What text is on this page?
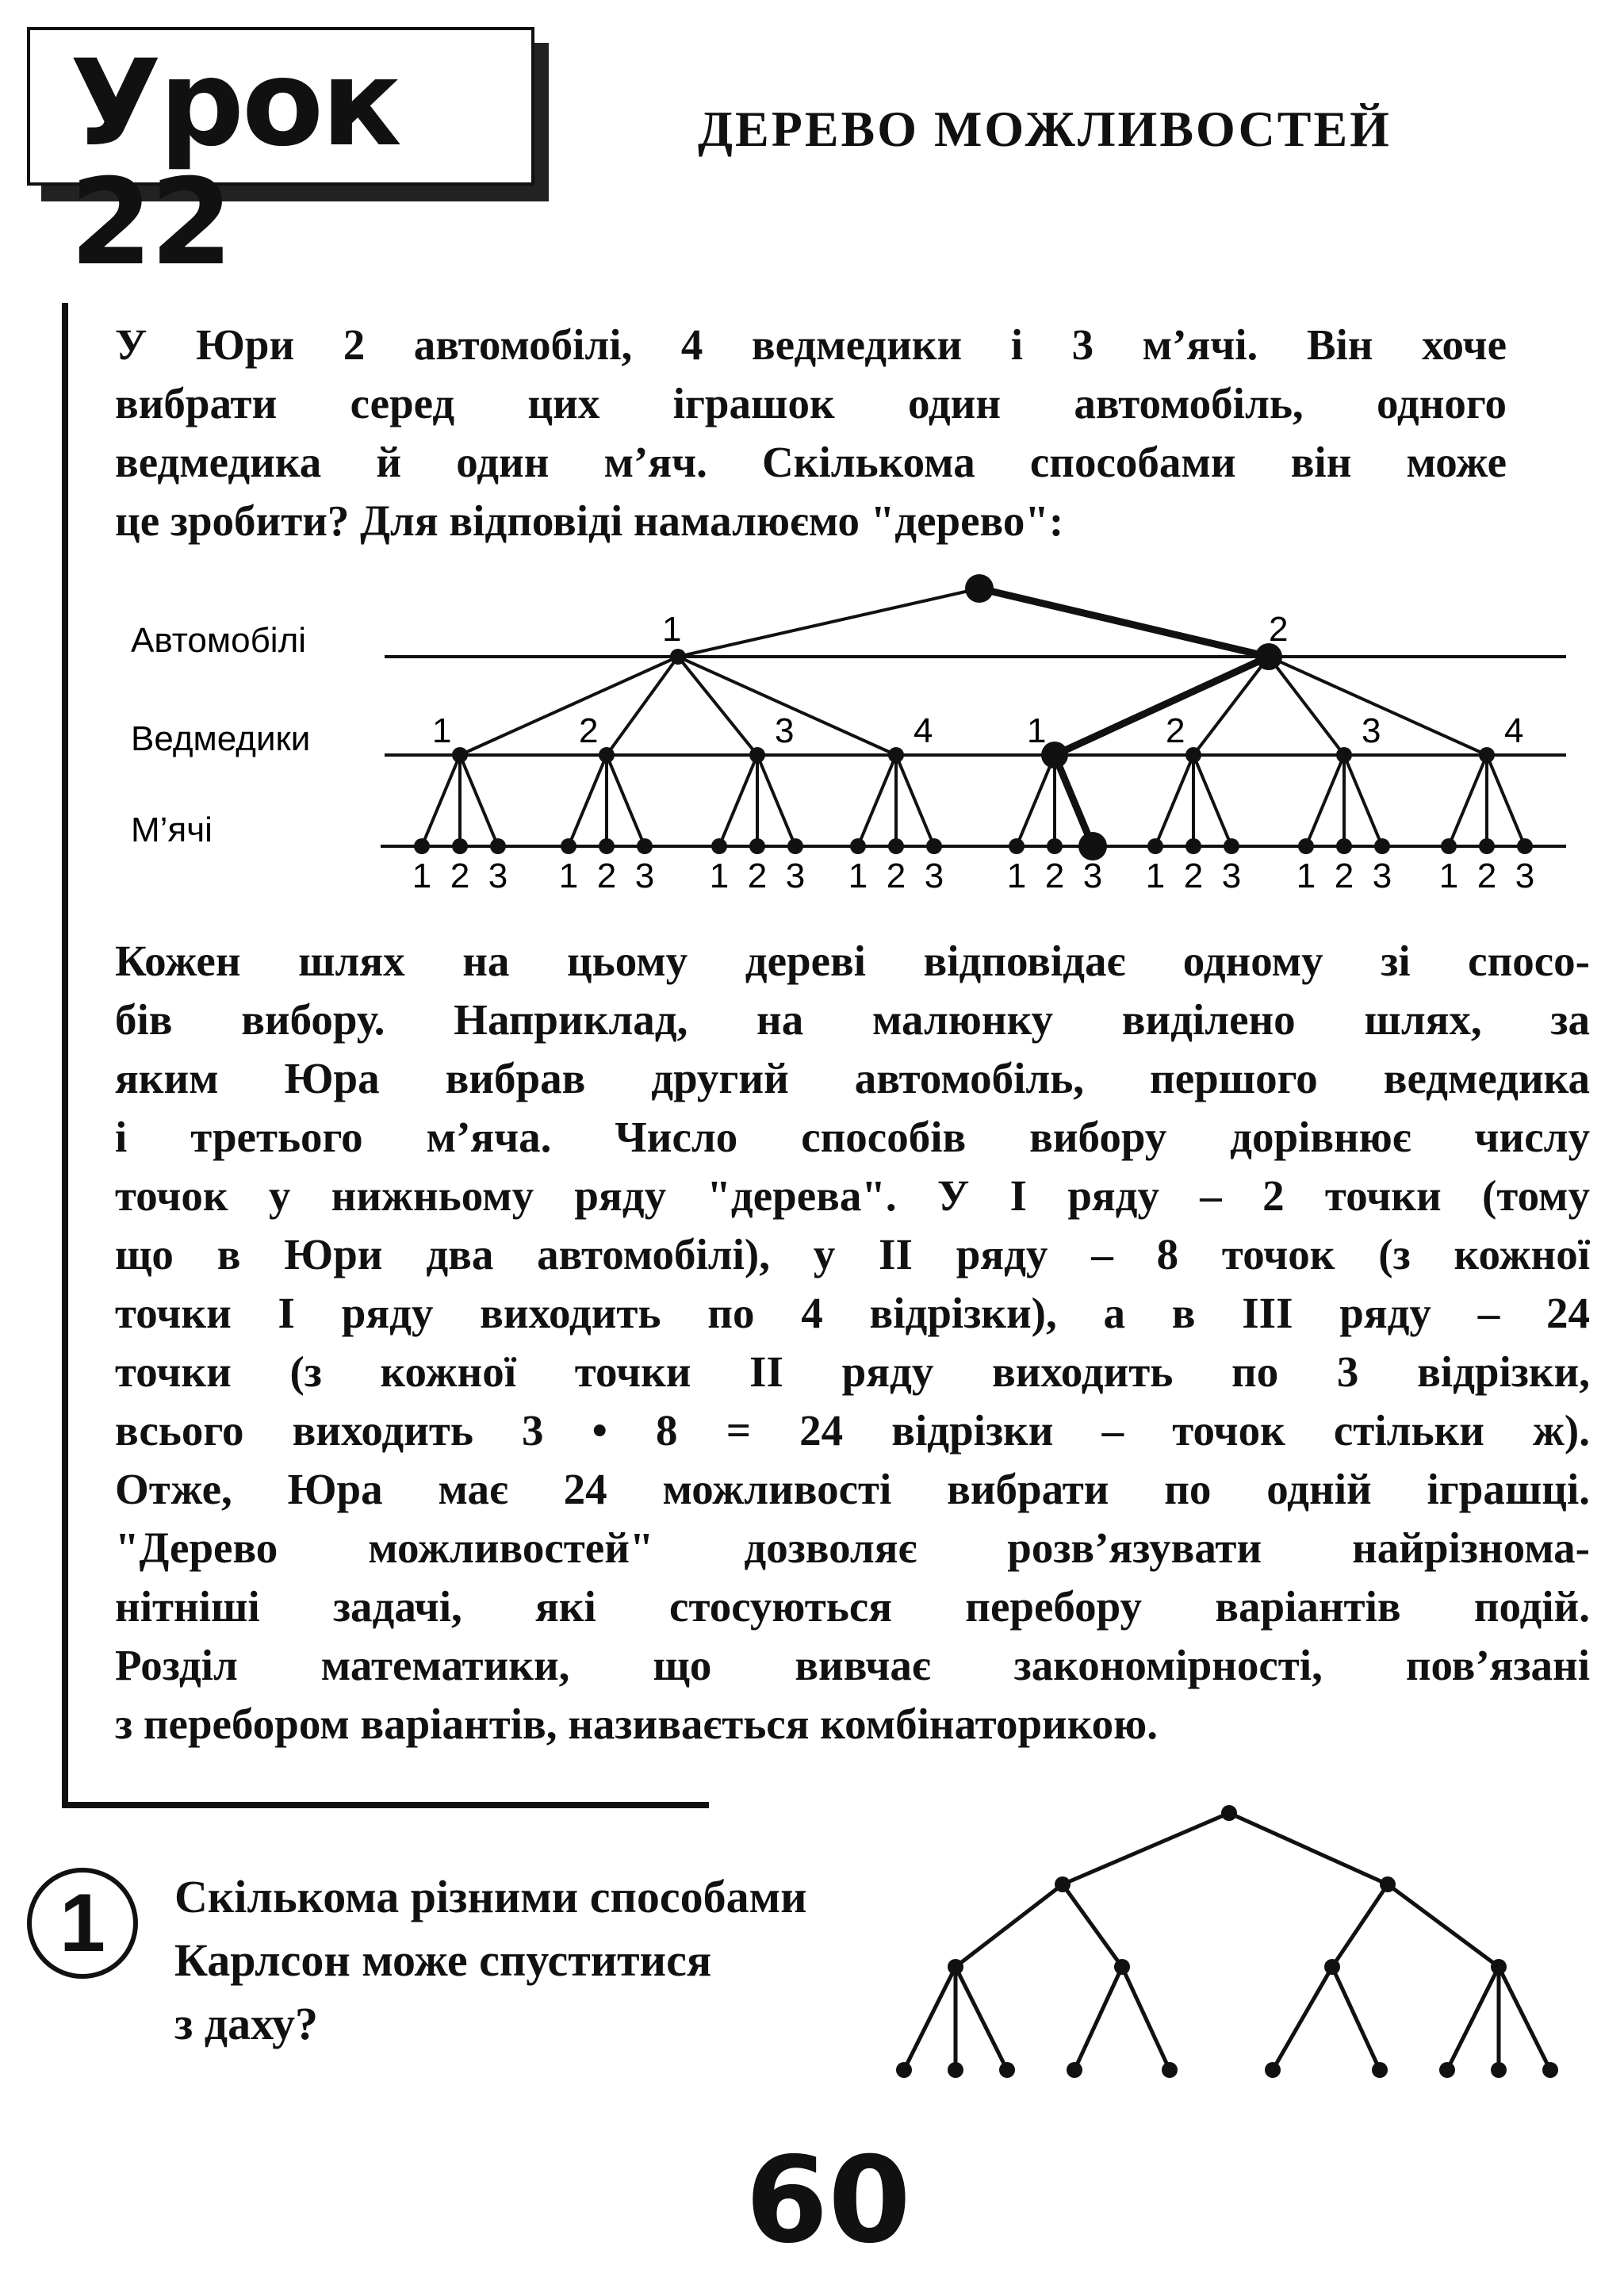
Урок 22
ДЕРЕВО МОЖЛИВОСТЕЙ
У Юри 2 автомобілі, 4 ведмедики і 3 м’ячі. Він хоче
вибрати серед цих іграшок один автомобіль, одного
ведмедика й один м’яч. Скількома способами він може
це зробити? Для відповіді намалюємо "дерево":
Автомобілі
Ведмедики
М’ячі
1	2
1
1 2 3
2
1 2 3
3
1 2 3
4
1 2 3
1
1 2 3
2
1 2 3
3
1 2 3
4
1 2 3
Кожен шлях на цьому дереві відповідає одному зі спосо-
бів вибору. Наприклад, на малюнку виділено шлях, за
яким Юра вибрав другий автомобіль, першого ведмедика
і третього м’яча. Число способів вибору дорівнює числу
точок у нижньому ряду "дерева". У І ряду – 2 точки (тому
що в Юри два автомобілі), у ІІ ряду – 8 точок (з кожної
точки І ряду виходить по 4 відрізки), а в ІІІ ряду – 24
точки (з кожної точки ІІ ряду виходить по 3 відрізки,
всього виходить 3 • 8 = 24 відрізки – точок стільки ж).
Отже, Юра має 24 можливості вибрати по одній іграшці.
"Дерево можливостей" дозволяє розв’язувати найрізнома-
нітніші задачі, які стосуються перебору варіантів подій.
Розділ математики, що вивчає закономірності, пов’язані
з перебором варіантів, називається комбінаторикою.
1	Скількома різними способами
Карлсон може спуститися
з даху?
60
